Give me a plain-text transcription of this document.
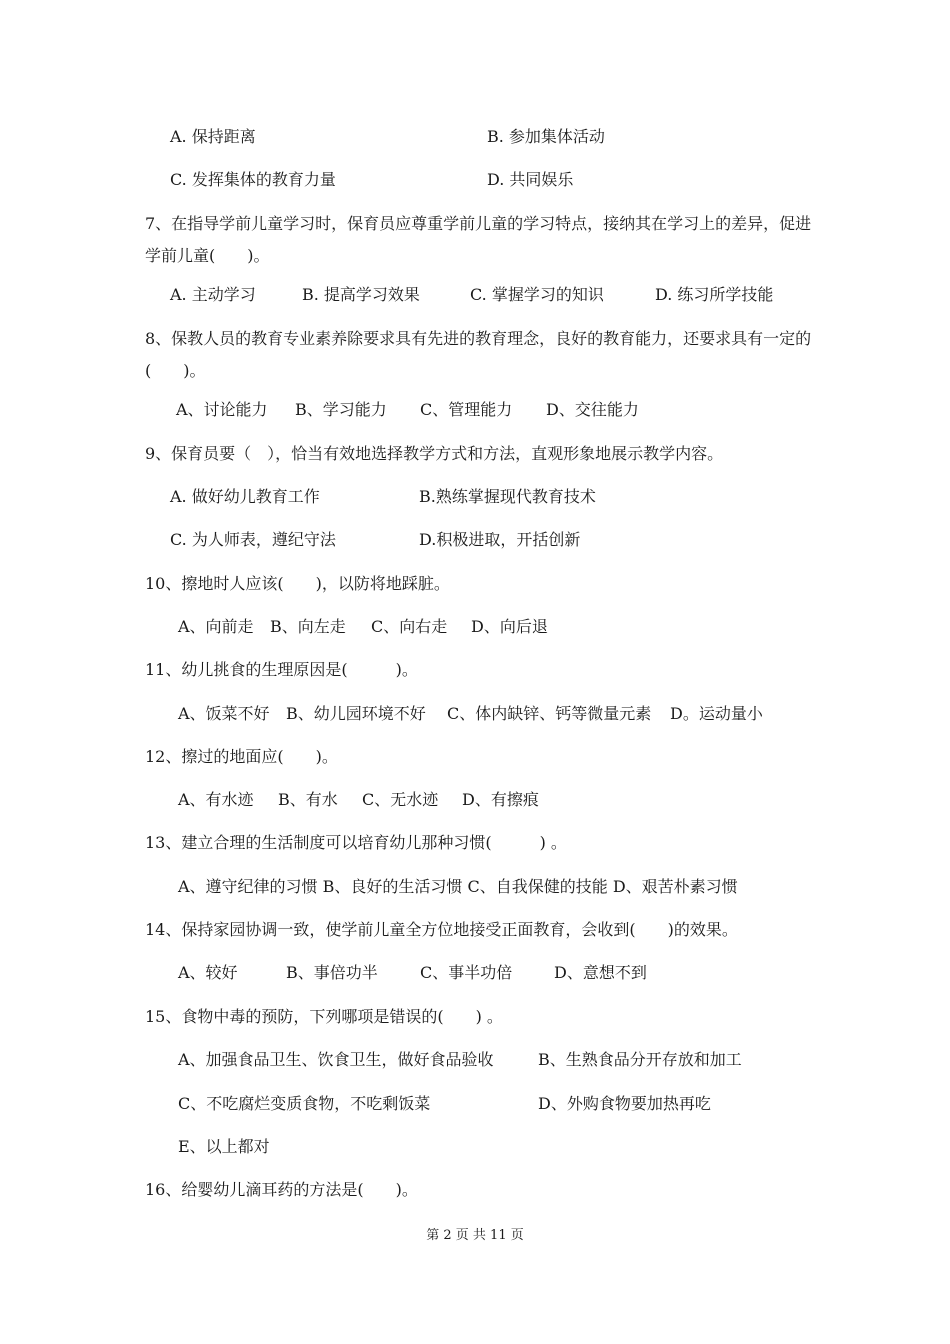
A. 保持距离	B. 参加集体活动
C. 发挥集体的教育力量	D. 共同娱乐
7、在指导学前儿童学习时，保育员应尊重学前儿童的学习特点，接纳其在学习上的差异，促进学前儿童(　　)。
A. 主动学习	B. 提高学习效果	C. 掌握学习的知识	D. 练习所学技能
8、保教人员的教育专业素养除要求具有先进的教育理念，良好的教育能力，还要求具有一定的(　　)。
A、讨论能力 B、学习能力 C、管理能力 D、交往能力
9、保育员要（　），恰当有效地选择教学方式和方法，直观形象地展示教学内容。
A. 做好幼儿教育工作	B.熟练掌握现代教育技术
C. 为人师表，遵纪守法	D.积极进取，开括创新
10、擦地时人应该(　　)，以防将地踩脏。
A、向前走 B、向左走 C、向右走 D、向后退
11、幼儿挑食的生理原因是(　　　)。
A、饭菜不好 B、幼儿园环境不好 C、体内缺锌、钙等微量元素 D。运动量小
12、擦过的地面应(　　)。
A、有水迹 B、有水 C、无水迹 D、有擦痕
13、建立合理的生活制度可以培育幼儿那种习惯(　　　) 。
A、遵守纪律的习惯 B、良好的生活习惯 C、自我保健的技能 D、艰苦朴素习惯
14、保持家园协调一致，使学前儿童全方位地接受正面教育，会收到(　　)的效果。
A、较好	B、事倍功半	C、事半功倍	D、意想不到
15、食物中毒的预防，下列哪项是错误的(　　) 。
A、加强食品卫生、饮食卫生，做好食品验收	B、生熟食品分开存放和加工
C、不吃腐烂变质食物，不吃剩饭菜	D、外购食物要加热再吃
E、以上都对
16、给婴幼儿滴耳药的方法是(　　)。
第 2 页 共 11 页
